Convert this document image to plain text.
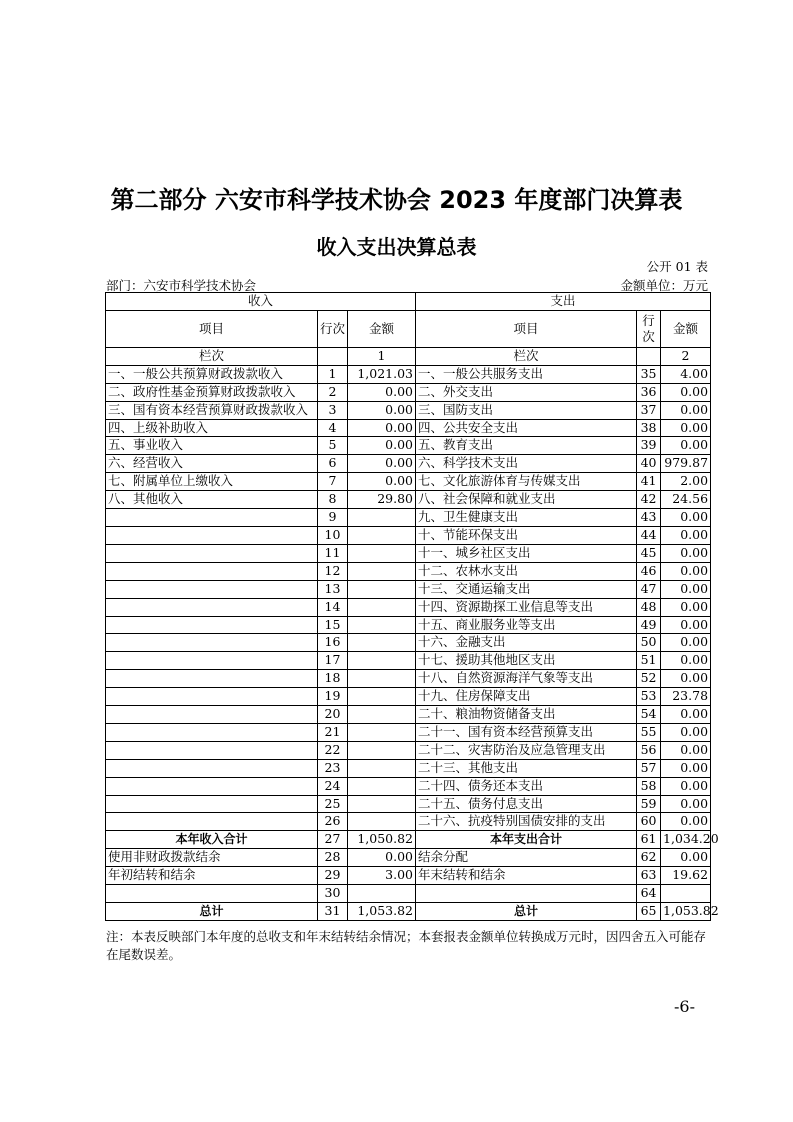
第二部分 六安市科学技术协会 2023 年度部门决算表
收入支出决算总表
公开 01 表
部门：六安市科学技术协会	金额单位：万元
收入			支出		
项目	行次	金额	项目	行
次	金额
栏次		1	栏次		2
一、一般公共预算财政拨款收入	1	1,021.03	一、一般公共服务支出	35	4.00
二、政府性基金预算财政拨款收入	2	0.00	二、外交支出	36	0.00
三、国有资本经营预算财政拨款收入	3	0.00	三、国防支出	37	0.00
四、上级补助收入	4	0.00	四、公共安全支出	38	0.00
五、事业收入	5	0.00	五、教育支出	39	0.00
六、经营收入	6	0.00	六、科学技术支出	40	979.87
七、附属单位上缴收入	7	0.00	七、文化旅游体育与传媒支出	41	2.00
八、其他收入	8	29.80	八、社会保障和就业支出	42	24.56
	9		九、卫生健康支出	43	0.00
	10		十、节能环保支出	44	0.00
	11		十一、城乡社区支出	45	0.00
	12		十二、农林水支出	46	0.00
	13		十三、交通运输支出	47	0.00
	14		十四、资源勘探工业信息等支出	48	0.00
	15		十五、商业服务业等支出	49	0.00
	16		十六、金融支出	50	0.00
	17		十七、援助其他地区支出	51	0.00
	18		十八、自然资源海洋气象等支出	52	0.00
	19		十九、住房保障支出	53	23.78
	20		二十、粮油物资储备支出	54	0.00
	21		二十一、国有资本经营预算支出	55	0.00
	22		二十二、灾害防治及应急管理支出	56	0.00
	23		二十三、其他支出	57	0.00
	24		二十四、债务还本支出	58	0.00
	25		二十五、债务付息支出	59	0.00
	26		二十六、抗疫特别国债安排的支出	60	0.00
本年收入合计	27	1,050.82	本年支出合计	61	1,034.20
使用非财政拨款结余	28	0.00	结余分配	62	0.00
年初结转和结余	29	3.00	年末结转和结余	63	19.62
	30			64	
总计	31	1,053.82	总计	65	1,053.82
注：本表反映部门本年度的总收支和年末结转结余情况；本套报表金额单位转换成万元时，因四舍五入可能存在尾数误差。
-6-
